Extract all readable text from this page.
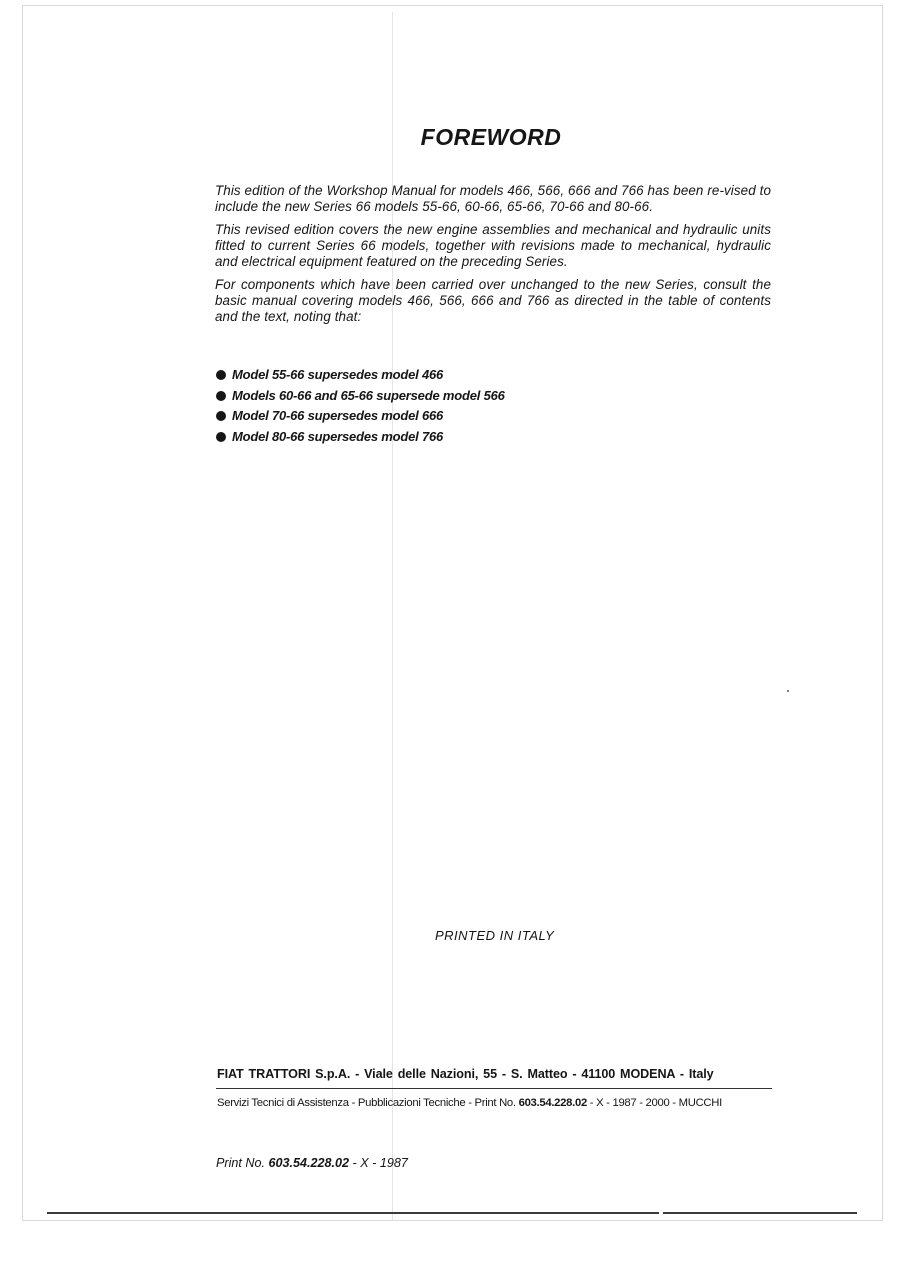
FOREWORD

This edition of the Workshop Manual for models 466, 566, 666 and 766 has been re-vised to include the new Series 66 models 55-66, 60-66, 65-66, 70-66 and 80-66.

This revised edition covers the new engine assemblies and mechanical and hydraulic units fitted to current Series 66 models, together with revisions made to mechanical, hydraulic and electrical equipment featured on the preceding Series.

For components which have been carried over unchanged to the new Series, consult the basic manual covering models 466, 566, 666 and 766 as directed in the table of contents and the text, noting that:

Model 55-66 supersedes model 466
Models 60-66 and 65-66 supersede model 566
Model 70-66 supersedes model 666
Model 80-66 supersedes model 766
PRINTED IN ITALY
FIAT TRATTORI S.p.A. - Viale delle Nazioni, 55 - S. Matteo - 41100 MODENA - Italy
Servizi Tecnici di Assistenza - Pubblicazioni Tecniche - Print No. 603.54.228.02 - X - 1987 - 2000 - MUCCHI
Print No. 603.54.228.02 - X - 1987
